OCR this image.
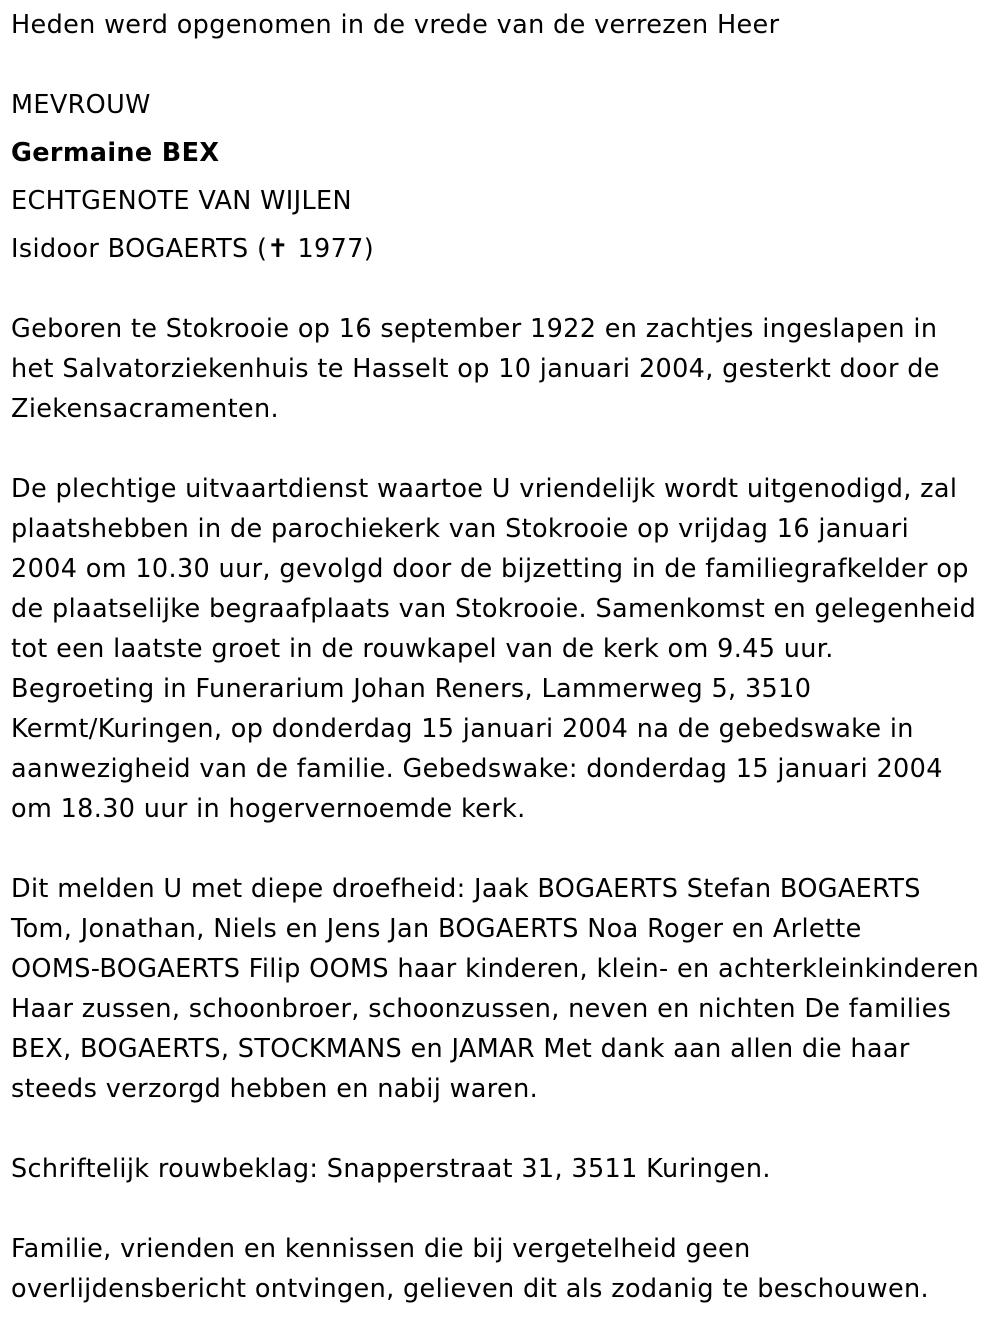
Heden werd opgenomen in de vrede van de verrezen Heer
MEVROUW
Germaine BEX
ECHTGENOTE VAN WIJLEN
Isidoor BOGAERTS (✝ 1977)
Geboren te Stokrooie op 16 september 1922 en zachtjes ingeslapen in
het Salvatorziekenhuis te Hasselt op 10 januari 2004, gesterkt door de
Ziekensacramenten.
De plechtige uitvaartdienst waartoe U vriendelijk wordt uitgenodigd, zal
plaatshebben in de parochiekerk van Stokrooie op vrijdag 16 januari
2004 om 10.30 uur, gevolgd door de bijzetting in de familiegrafkelder op
de plaatselijke begraafplaats van Stokrooie. Samenkomst en gelegenheid
tot een laatste groet in de rouwkapel van de kerk om 9.45 uur.
Begroeting in Funerarium Johan Reners, Lammerweg 5, 3510
Kermt/Kuringen, op donderdag 15 januari 2004 na de gebedswake in
aanwezigheid van de familie. Gebedswake: donderdag 15 januari 2004
om 18.30 uur in hogervernoemde kerk.
Dit melden U met diepe droefheid: Jaak BOGAERTS Stefan BOGAERTS
Tom, Jonathan, Niels en Jens Jan BOGAERTS Noa Roger en Arlette
OOMS-BOGAERTS Filip OOMS haar kinderen, klein- en achterkleinkinderen
Haar zussen, schoonbroer, schoonzussen, neven en nichten De families
BEX, BOGAERTS, STOCKMANS en JAMAR Met dank aan allen die haar
steeds verzorgd hebben en nabij waren.
Schriftelijk rouwbeklag: Snapperstraat 31, 3511 Kuringen.
Familie, vrienden en kennissen die bij vergetelheid geen
overlijdensbericht ontvingen, gelieven dit als zodanig te beschouwen.
